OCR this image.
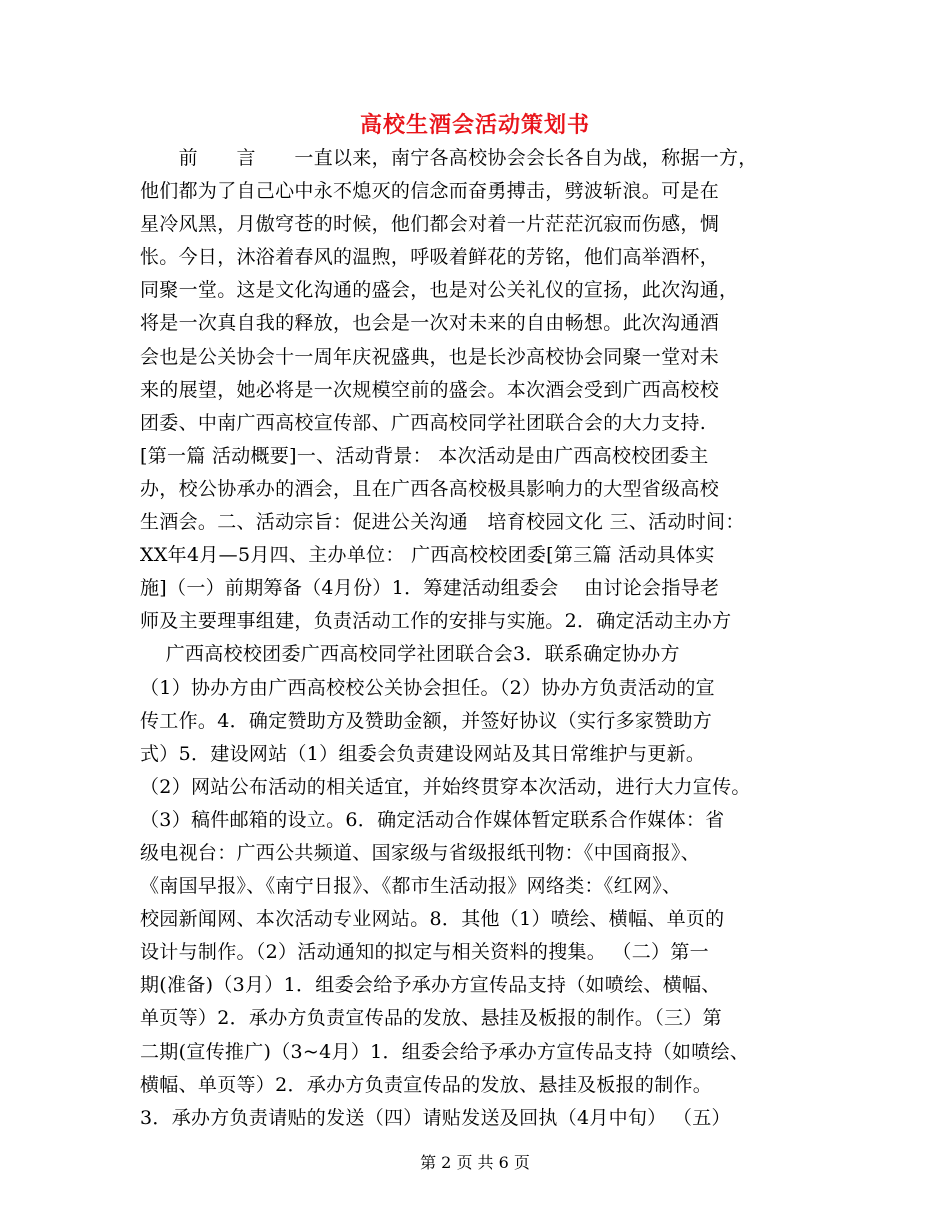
高校生酒会活动策划书
　　前　　言　　一直以来，南宁各高校协会会长各自为战，称据一方，
他们都为了自己心中永不熄灭的信念而奋勇搏击，劈波斩浪。可是在
星冷风黑，月傲穹苍的时候，他们都会对着一片茫茫沉寂而伤感，惆
怅。今日，沐浴着春风的温煦，呼吸着鲜花的芳铭，他们高举酒杯，
同聚一堂。这是文化沟通的盛会，也是对公关礼仪的宣扬，此次沟通，
将是一次真自我的释放，也会是一次对未来的自由畅想。此次沟通酒
会也是公关协会十一周年庆祝盛典，也是长沙高校协会同聚一堂对未
来的展望，她必将是一次规模空前的盛会。本次酒会受到广西高校校
团委、中南广西高校宣传部、广西高校同学社团联合会的大力支持.
[第一篇 活动概要]一、活动背景： 本次活动是由广西高校校团委主
办，校公协承办的酒会，且在广西各高校极具影响力的大型省级高校
生酒会。二、活动宗旨：促进公关沟通　培育校园文化 三、活动时间：
XX年4月—5月四、主办单位： 广西高校校团委[第三篇 活动具体实
施]（一）前期筹备（4月份）1．筹建活动组委会　 由讨论会指导老
师及主要理事组建，负责活动工作的安排与实施。2．确定活动主办方
　 广西高校校团委广西高校同学社团联合会3．联系确定协办方
（1）协办方由广西高校校公关协会担任。（2）协办方负责活动的宣
传工作。4．确定赞助方及赞助金额，并签好协议（实行多家赞助方
式）5．建设网站（1）组委会负责建设网站及其日常维护与更新。
（2）网站公布活动的相关适宜，并始终贯穿本次活动，进行大力宣传。
（3）稿件邮箱的设立。6．确定活动合作媒体暂定联系合作媒体：省
级电视台：广西公共频道、国家级与省级报纸刊物：《中国商报》、
《南国早报》、《南宁日报》、《都市生活动报》网络类：《红网》、
校园新闻网、本次活动专业网站。8．其他（1）喷绘、横幅、单页的
设计与制作。（2）活动通知的拟定与相关资料的搜集。 （二）第一
期(准备)（3月）1．组委会给予承办方宣传品支持（如喷绘、横幅、
单页等）2．承办方负责宣传品的发放、悬挂及板报的制作。（三）第
二期(宣传推广)（3~4月）1．组委会给予承办方宣传品支持（如喷绘、
横幅、单页等）2．承办方负责宣传品的发放、悬挂及板报的制作。
3．承办方负责请贴的发送（四）请贴发送及回执（4月中旬） （五）
第 2 页 共 6 页
